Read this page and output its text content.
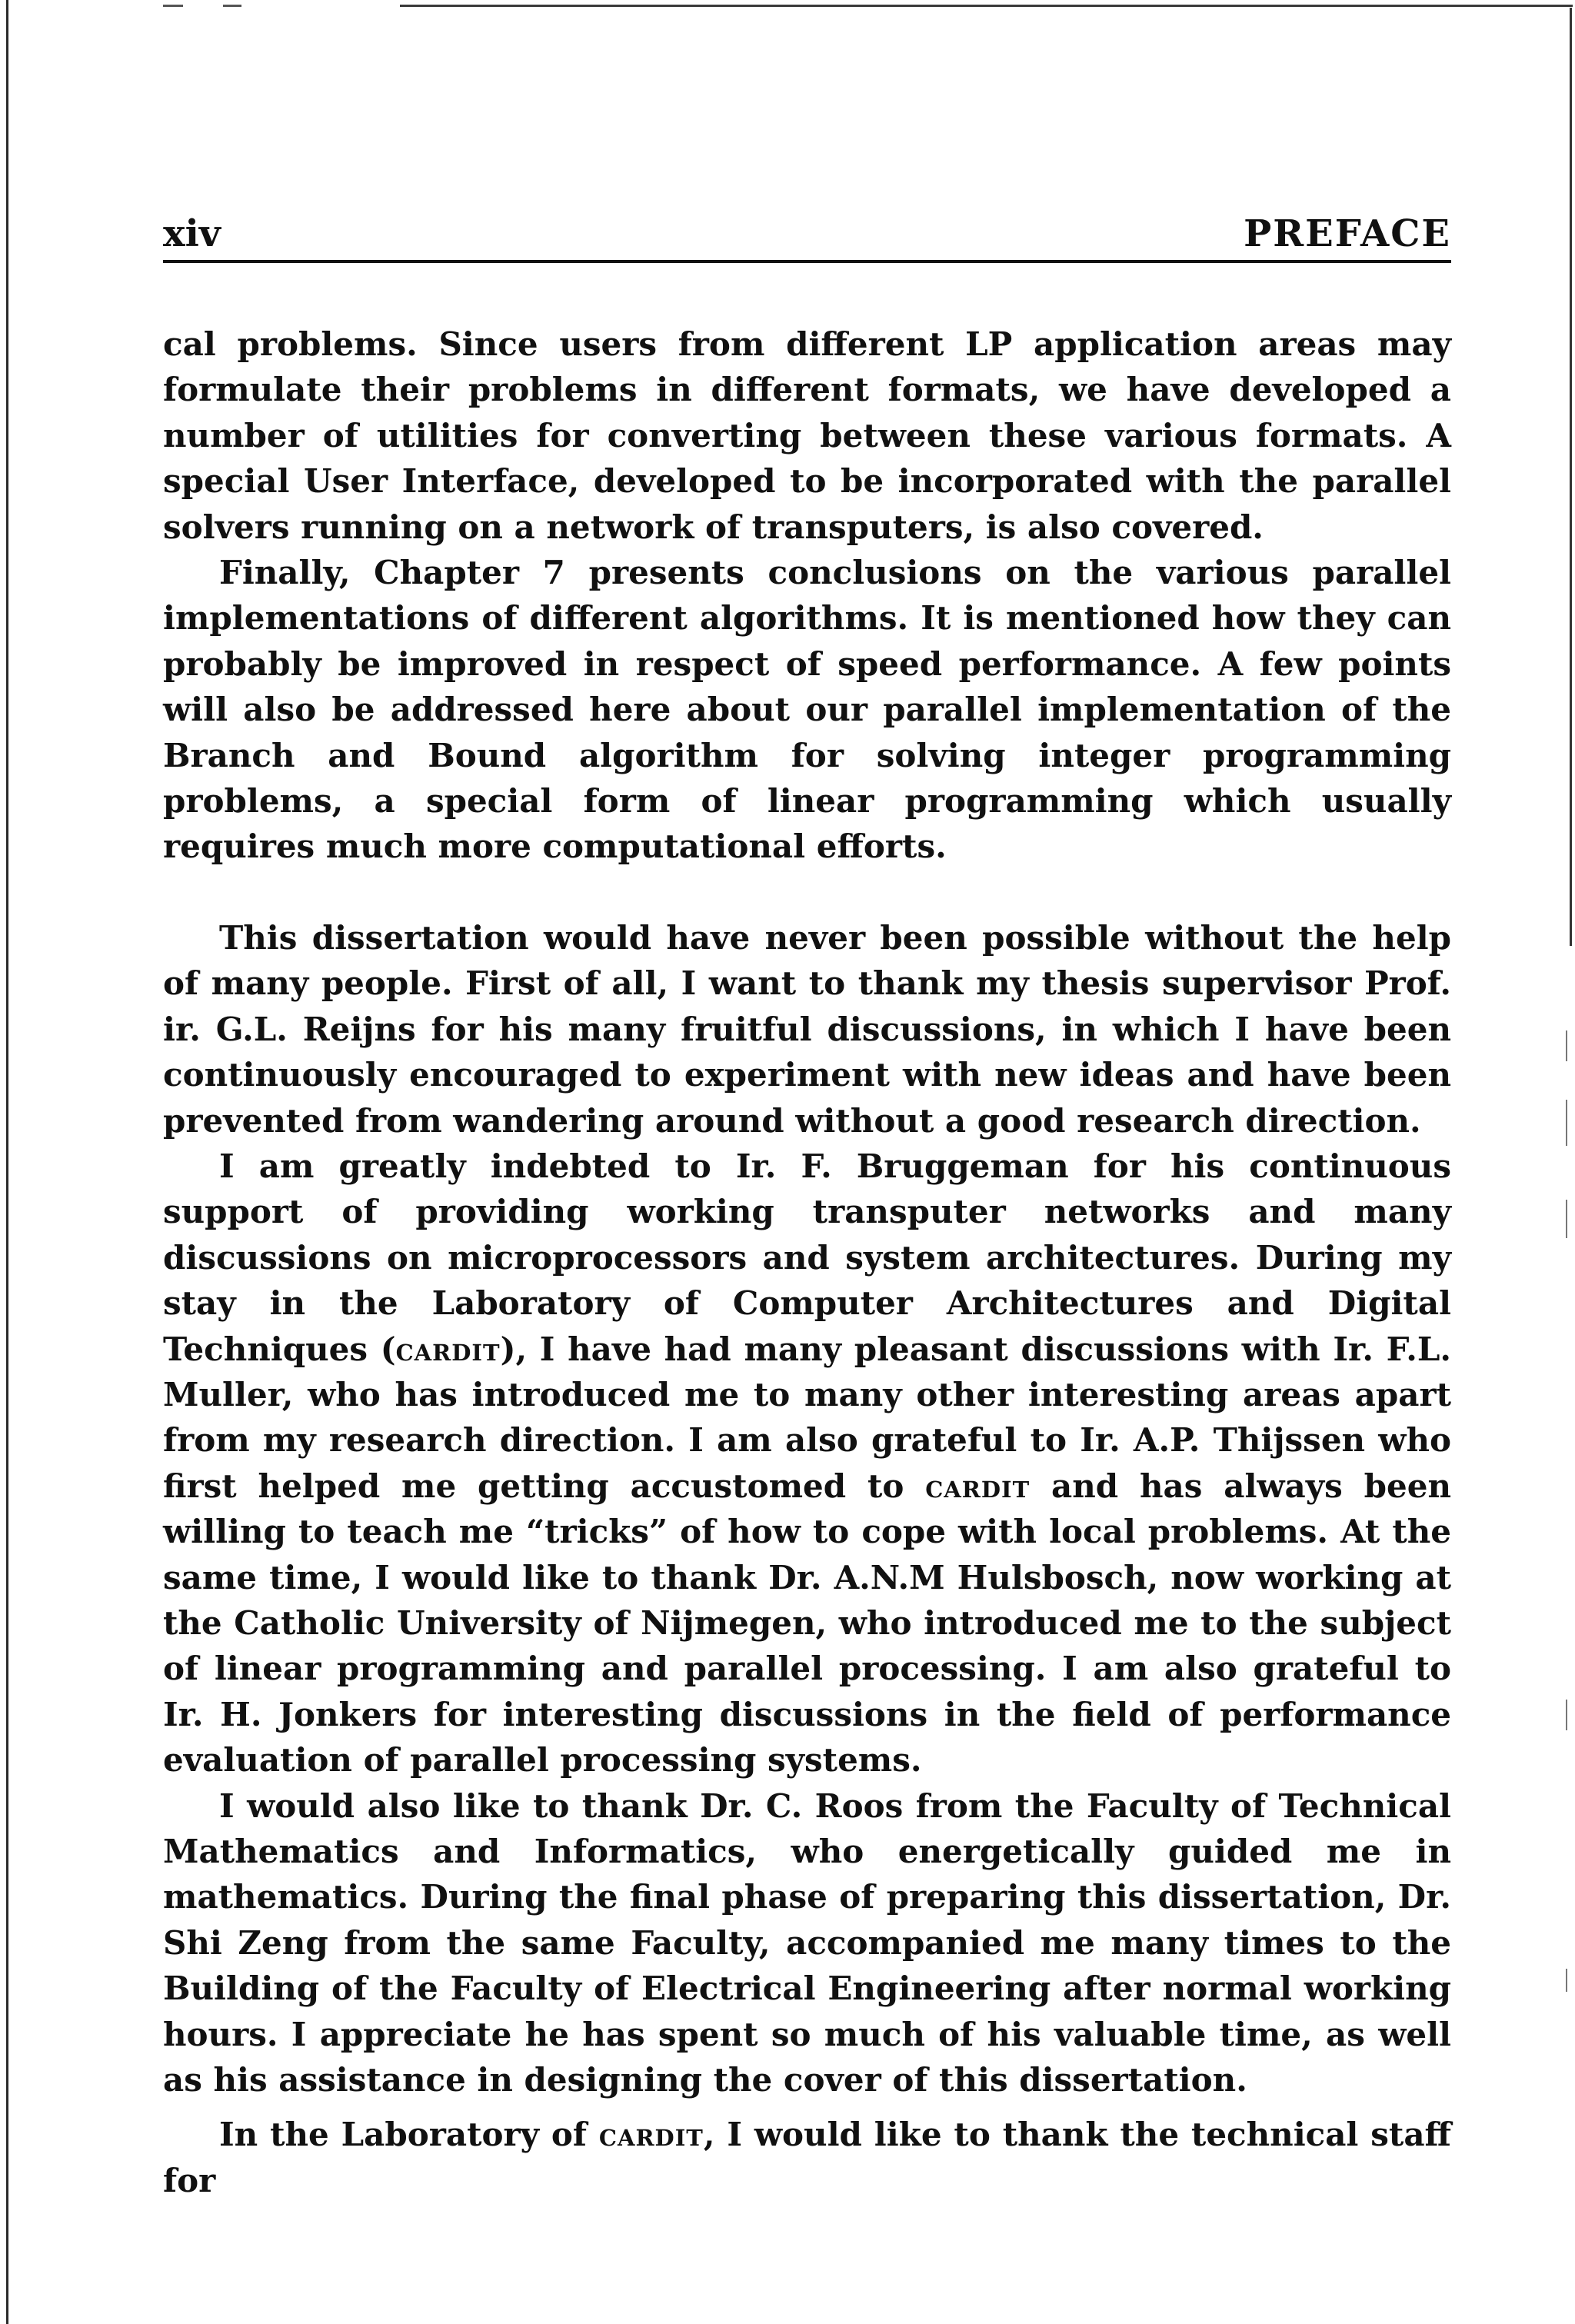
xiv	PREFACE

cal problems. Since users from different LP application areas may formulate their problems in different formats, we have developed a number of utilities for converting between these various formats. A special User Interface, developed to be incorporated with the parallel solvers running on a network of transputers, is also covered.

Finally, Chapter 7 presents conclusions on the various parallel implementations of different algorithms. It is mentioned how they can probably be improved in respect of speed performance. A few points will also be addressed here about our parallel implementation of the Branch and Bound algorithm for solving integer programming problems, a special form of linear programming which usually requires much more computational efforts.

This dissertation would have never been possible without the help of many people. First of all, I want to thank my thesis supervisor Prof. ir. G.L. Reijns for his many fruitful discussions, in which I have been continuously encouraged to experiment with new ideas and have been prevented from wandering around without a good research direction.

I am greatly indebted to Ir. F. Bruggeman for his continuous support of providing working transputer networks and many discussions on microprocessors and system architectures. During my stay in the Laboratory of Computer Architectures and Digital Techniques (cardit), I have had many pleasant discussions with Ir. F.L. Muller, who has introduced me to many other interesting areas apart from my research direction. I am also grateful to Ir. A.P. Thijssen who first helped me getting accustomed to cardit and has always been willing to teach me “tricks” of how to cope with local problems. At the same time, I would like to thank Dr. A.N.M Hulsbosch, now working at the Catholic University of Nijmegen, who introduced me to the subject of linear programming and parallel processing. I am also grateful to Ir. H. Jonkers for interesting discussions in the field of performance evaluation of parallel processing systems.

I would also like to thank Dr. C. Roos from the Faculty of Technical Mathematics and Informatics, who energetically guided me in mathematics. During the final phase of preparing this dissertation, Dr. Shi Zeng from the same Faculty, accompanied me many times to the Building of the Faculty of Electrical Engineering after normal working hours. I appreciate he has spent so much of his valuable time, as well as his assistance in designing the cover of this dissertation.

In the Laboratory of cardit, I would like to thank the technical staff for
